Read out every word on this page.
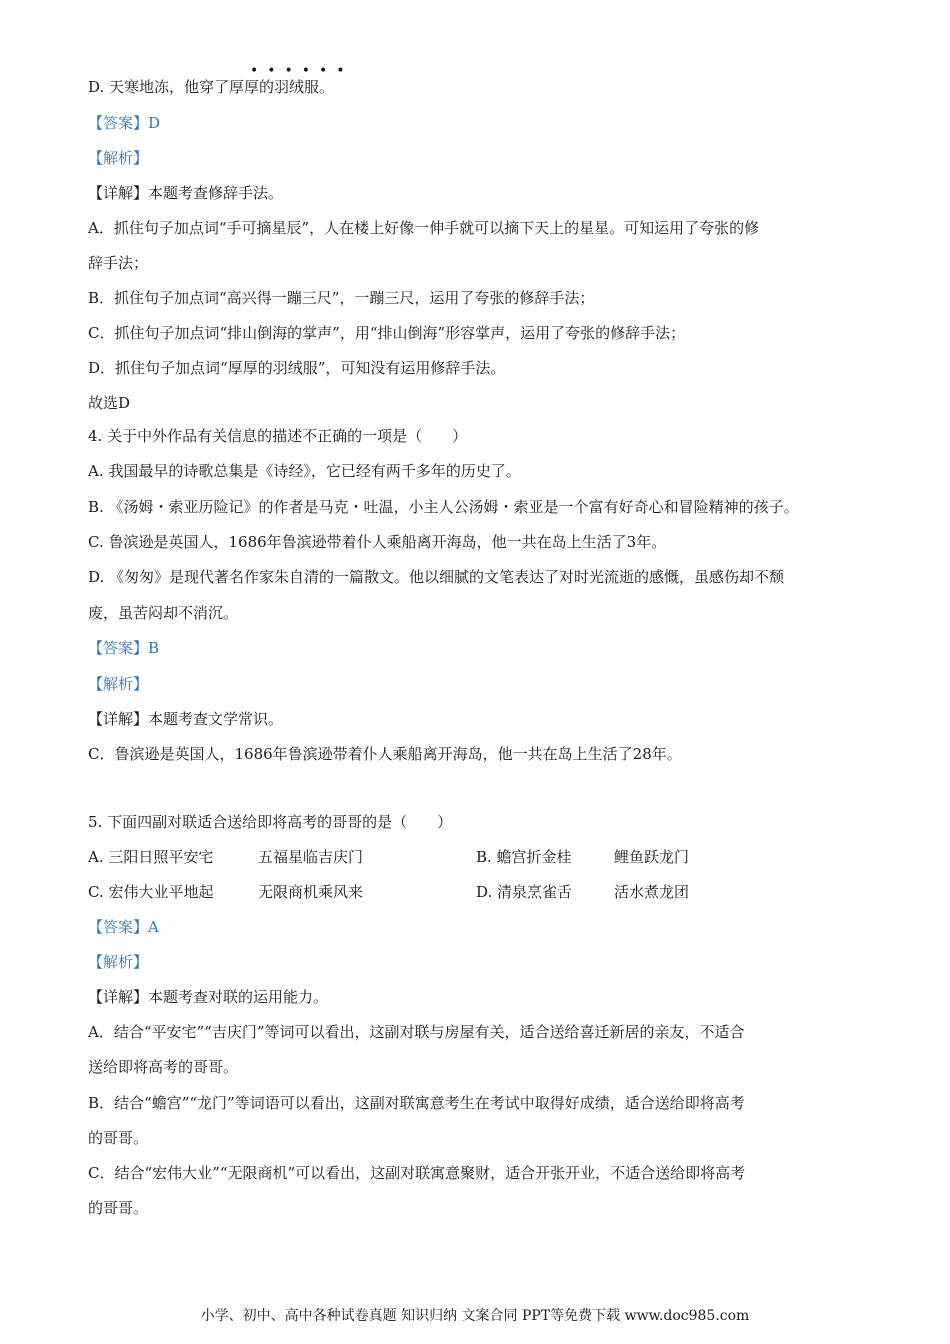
••••••
D. 天寒地冻，他穿了厚厚的羽绒服。
【答案】D
【解析】
【详解】本题考查修辞手法。
A．抓住句子加点词“手可摘星辰”，人在楼上好像一伸手就可以摘下天上的星星。可知运用了夸张的修
辞手法；
B．抓住句子加点词“高兴得一蹦三尺”，一蹦三尺，运用了夸张的修辞手法；
C．抓住句子加点词“排山倒海的掌声”，用“排山倒海”形容掌声，运用了夸张的修辞手法；
D．抓住句子加点词“厚厚的羽绒服”，可知没有运用修辞手法。
故选D
4. 关于中外作品有关信息的描述不正确的一项是（　　）
A. 我国最早的诗歌总集是《诗经》，它已经有两千多年的历史了。
B. 《汤姆・索亚历险记》的作者是马克・吐温，小主人公汤姆・索亚是一个富有好奇心和冒险精神的孩子。
C. 鲁滨逊是英国人，1686年鲁滨逊带着仆人乘船离开海岛，他一共在岛上生活了3年。
D. 《匆匆》是现代著名作家朱自清的一篇散文。他以细腻的文笔表达了对时光流逝的感慨，虽感伤却不颓
废，虽苦闷却不消沉。
【答案】B
【解析】
【详解】本题考查文学常识。
C．鲁滨逊是英国人，1686年鲁滨逊带着仆人乘船离开海岛，他一共在岛上生活了28年。
5. 下面四副对联适合送给即将高考的哥哥的是（　　）
A. 三阳日照平安宅	五福星临吉庆门	B. 蟾宫折金桂	鲤鱼跃龙门
C. 宏伟大业平地起	无限商机乘风来	D. 清泉烹雀舌	活水煮龙团
【答案】A
【解析】
【详解】本题考查对联的运用能力。
A．结合“平安宅”“吉庆门”等词可以看出，这副对联与房屋有关，适合送给喜迁新居的亲友，不适合
送给即将高考的哥哥。
B．结合“蟾宫”“龙门”等词语可以看出，这副对联寓意考生在考试中取得好成绩，适合送给即将高考
的哥哥。
C．结合“宏伟大业”“无限商机”可以看出，这副对联寓意聚财，适合开张开业，不适合送给即将高考
的哥哥。
小学、初中、高中各种试卷真题 知识归纳 文案合同 PPT等免费下载 www.doc985.com
